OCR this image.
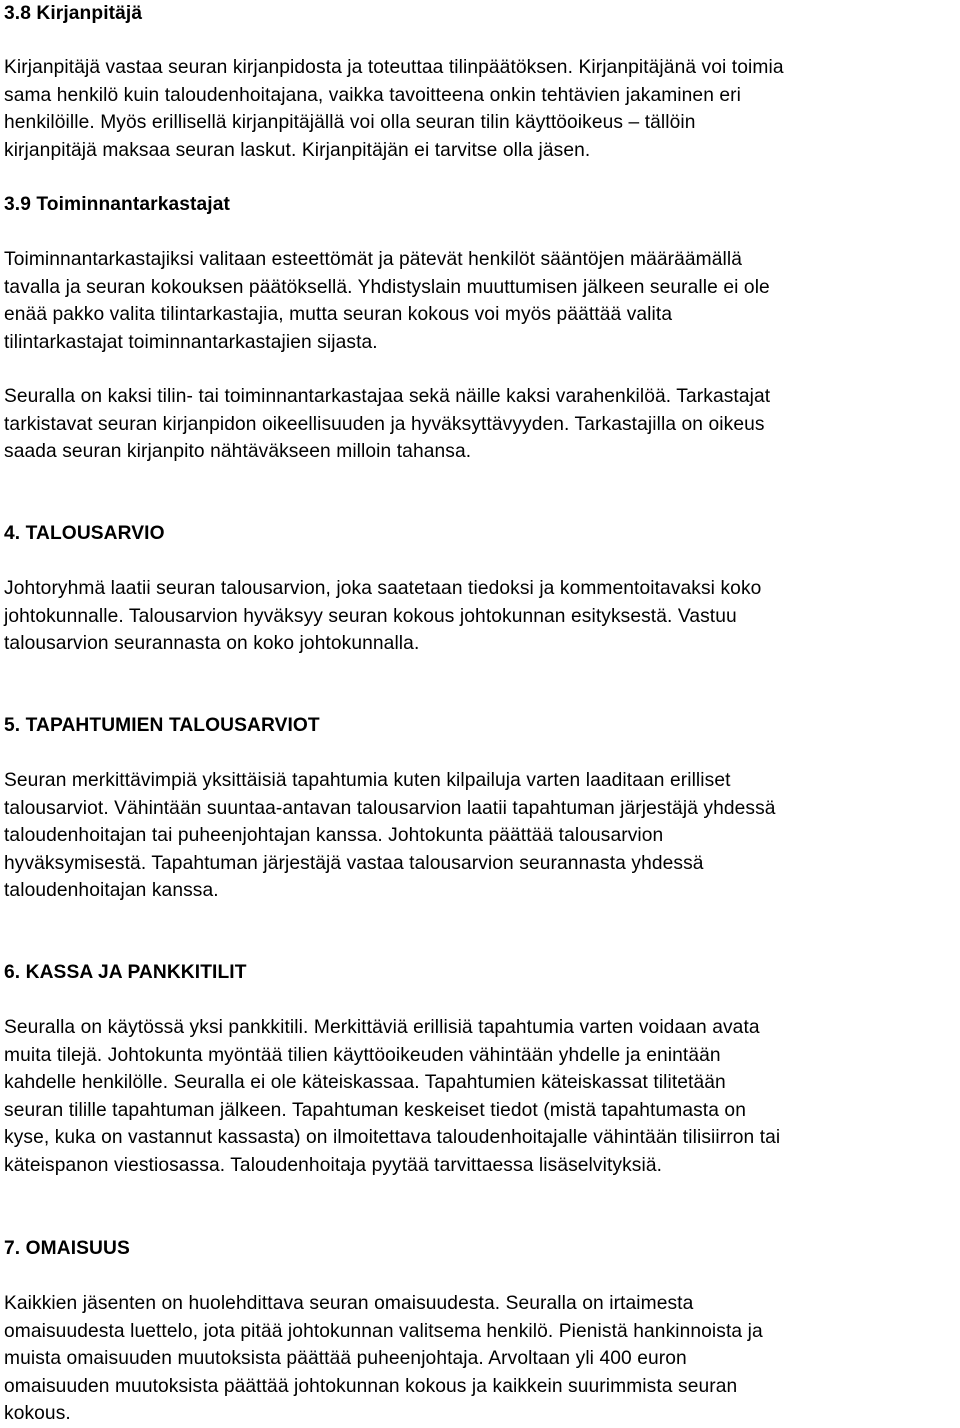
3.8 Kirjanpitäjä

Kirjanpitäjä vastaa seuran kirjanpidosta ja toteuttaa tilinpäätöksen. Kirjanpitäjänä voi toimia
sama henkilö kuin taloudenhoitajana, vaikka tavoitteena onkin tehtävien jakaminen eri
henkilöille. Myös erillisellä kirjanpitäjällä voi olla seuran tilin käyttöoikeus – tällöin
kirjanpitäjä maksaa seuran laskut. Kirjanpitäjän ei tarvitse olla jäsen.

3.9 Toiminnantarkastajat

Toiminnantarkastajiksi valitaan esteettömät ja pätevät henkilöt sääntöjen määräämällä
tavalla ja seuran kokouksen päätöksellä. Yhdistyslain muuttumisen jälkeen seuralle ei ole
enää pakko valita tilintarkastajia, mutta seuran kokous voi myös päättää valita
tilintarkastajat toiminnantarkastajien sijasta.

Seuralla on kaksi tilin- tai toiminnantarkastajaa sekä näille kaksi varahenkilöä. Tarkastajat
tarkistavat seuran kirjanpidon oikeellisuuden ja hyväksyttävyyden. Tarkastajilla on oikeus
saada seuran kirjanpito nähtäväkseen milloin tahansa.

4. TALOUSARVIO

Johtoryhmä laatii seuran talousarvion, joka saatetaan tiedoksi ja kommentoitavaksi koko
johtokunnalle. Talousarvion hyväksyy seuran kokous johtokunnan esityksestä. Vastuu
talousarvion seurannasta on koko johtokunnalla.

5. TAPAHTUMIEN TALOUSARVIOT

Seuran merkittävimpiä yksittäisiä tapahtumia kuten kilpailuja varten laaditaan erilliset
talousarviot. Vähintään suuntaa-antavan talousarvion laatii tapahtuman järjestäjä yhdessä
taloudenhoitajan tai puheenjohtajan kanssa. Johtokunta päättää talousarvion
hyväksymisestä. Tapahtuman järjestäjä vastaa talousarvion seurannasta yhdessä
taloudenhoitajan kanssa.

6. KASSA JA PANKKITILIT

Seuralla on käytössä yksi pankkitili. Merkittäviä erillisiä tapahtumia varten voidaan avata
muita tilejä. Johtokunta myöntää tilien käyttöoikeuden vähintään yhdelle ja enintään
kahdelle henkilölle. Seuralla ei ole käteiskassaa. Tapahtumien käteiskassat tilitetään
seuran tilille tapahtuman jälkeen. Tapahtuman keskeiset tiedot (mistä tapahtumasta on
kyse, kuka on vastannut kassasta) on ilmoitettava taloudenhoitajalle vähintään tilisiirron tai
käteispanon viestiosassa. Taloudenhoitaja pyytää tarvittaessa lisäselvityksiä.

7. OMAISUUS

Kaikkien jäsenten on huolehdittava seuran omaisuudesta. Seuralla on irtaimesta
omaisuudesta luettelo, jota pitää johtokunnan valitsema henkilö. Pienistä hankinnoista ja
muista omaisuuden muutoksista päättää puheenjohtaja. Arvoltaan yli 400 euron
omaisuuden muutoksista päättää johtokunnan kokous ja kaikkein suurimmista seuran
kokous.
